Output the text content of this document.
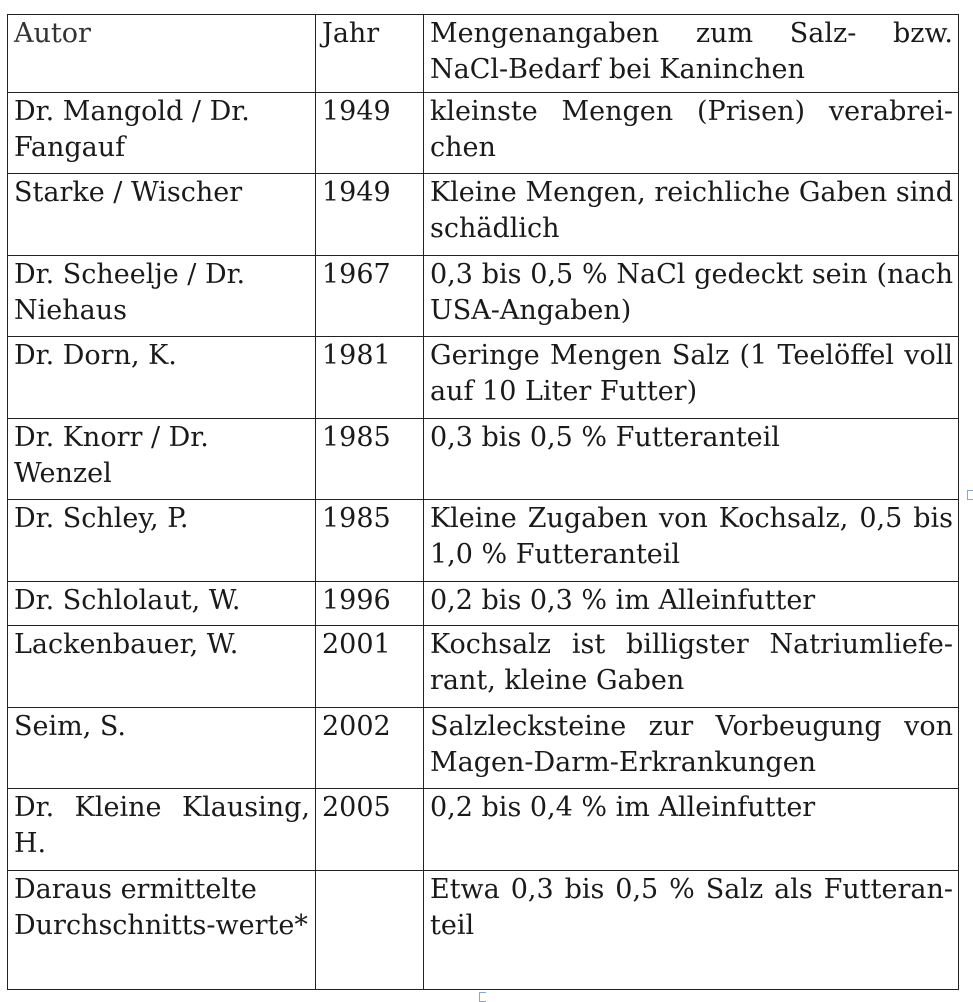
Autor	Jahr	Mengenangaben zum Salz- bzw. NaCl-Bedarf bei Kaninchen
Dr. Mangold / Dr. Fangauf	1949	kleinste Mengen (Prisen) verabrei-chen
Starke / Wischer	1949	Kleine Mengen, reichliche Gaben sind schädlich
Dr. Scheelje / Dr. Niehaus	1967	0,3 bis 0,5 % NaCl gedeckt sein (nach USA-Angaben)
Dr. Dorn, K.	1981	Geringe Mengen Salz (1 Teelöffel voll auf 10 Liter Futter)
Dr. Knorr / Dr. Wenzel	1985	0,3 bis 0,5 % Futteranteil
Dr. Schley, P.	1985	Kleine Zugaben von Kochsalz, 0,5 bis 1,0 % Futteranteil
Dr. Schlolaut, W.	1996	0,2 bis 0,3 % im Alleinfutter
Lackenbauer, W.	2001	Kochsalz ist billigster Natriumliefe-rant, kleine Gaben
Seim, S.	2002	Salzlecksteine zur Vorbeugung von Magen-Darm-Erkrankungen
Dr. Kleine Klausing, H.	2005	0,2 bis 0,4 % im Alleinfutter
Daraus ermittelte Durchschnitts-werte*		Etwa 0,3 bis 0,5 % Salz als Futteran-teil
